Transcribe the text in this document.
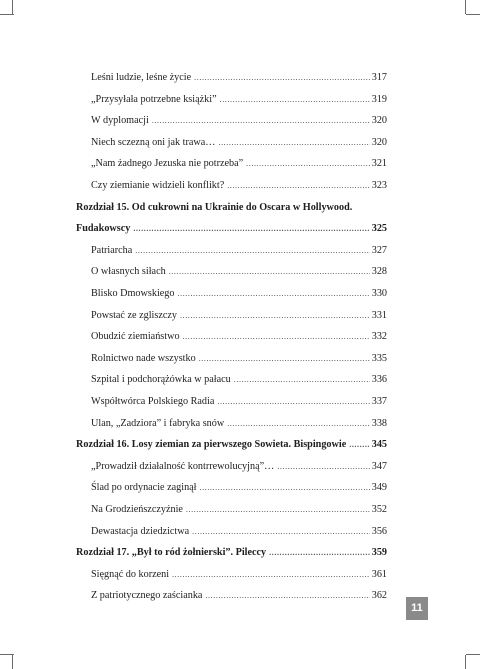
Leśni ludzie, leśne życie .....	317
„Przysyłała potrzebne książki” .....	319
W dyplomacji .....	320
Niech sczezną oni jak trawa… .....	320
„Nam żadnego Jezuska nie potrzeba” .....	321
Czy ziemianie widzieli konflikt? .....	323
Rozdział 15. Od cukrowni na Ukrainie do Oscara w Hollywood.
Fudakowscy .....	325
Patriarcha .....	327
O własnych siłach .....	328
Blisko Dmowskiego .....	330
Powstać ze zgliszczy .....	331
Obudzić ziemiaństwo .....	332
Rolnictwo nade wszystko .....	335
Szpital i podchorążówka w pałacu .....	336
Współtwórca Polskiego Radia .....	337
Ulan, „Zadziora” i fabryka snów .....	338
Rozdział 16. Losy ziemian za pierwszego Sowieta. Bispingowie ..... 345
„Prowadził działalność kontrrewolucyjną”… .....	347
Ślad po ordynacie zaginął .....	349
Na Grodzieńszczyźnie .....	352
Dewastacja dziedzictwa .....	356
Rozdział 17. „Był to ród żołnierski”. Pileccy .....	359
Sięgnąć do korzeni .....	361
Z patriotycznego zaścianka .....	362
11
